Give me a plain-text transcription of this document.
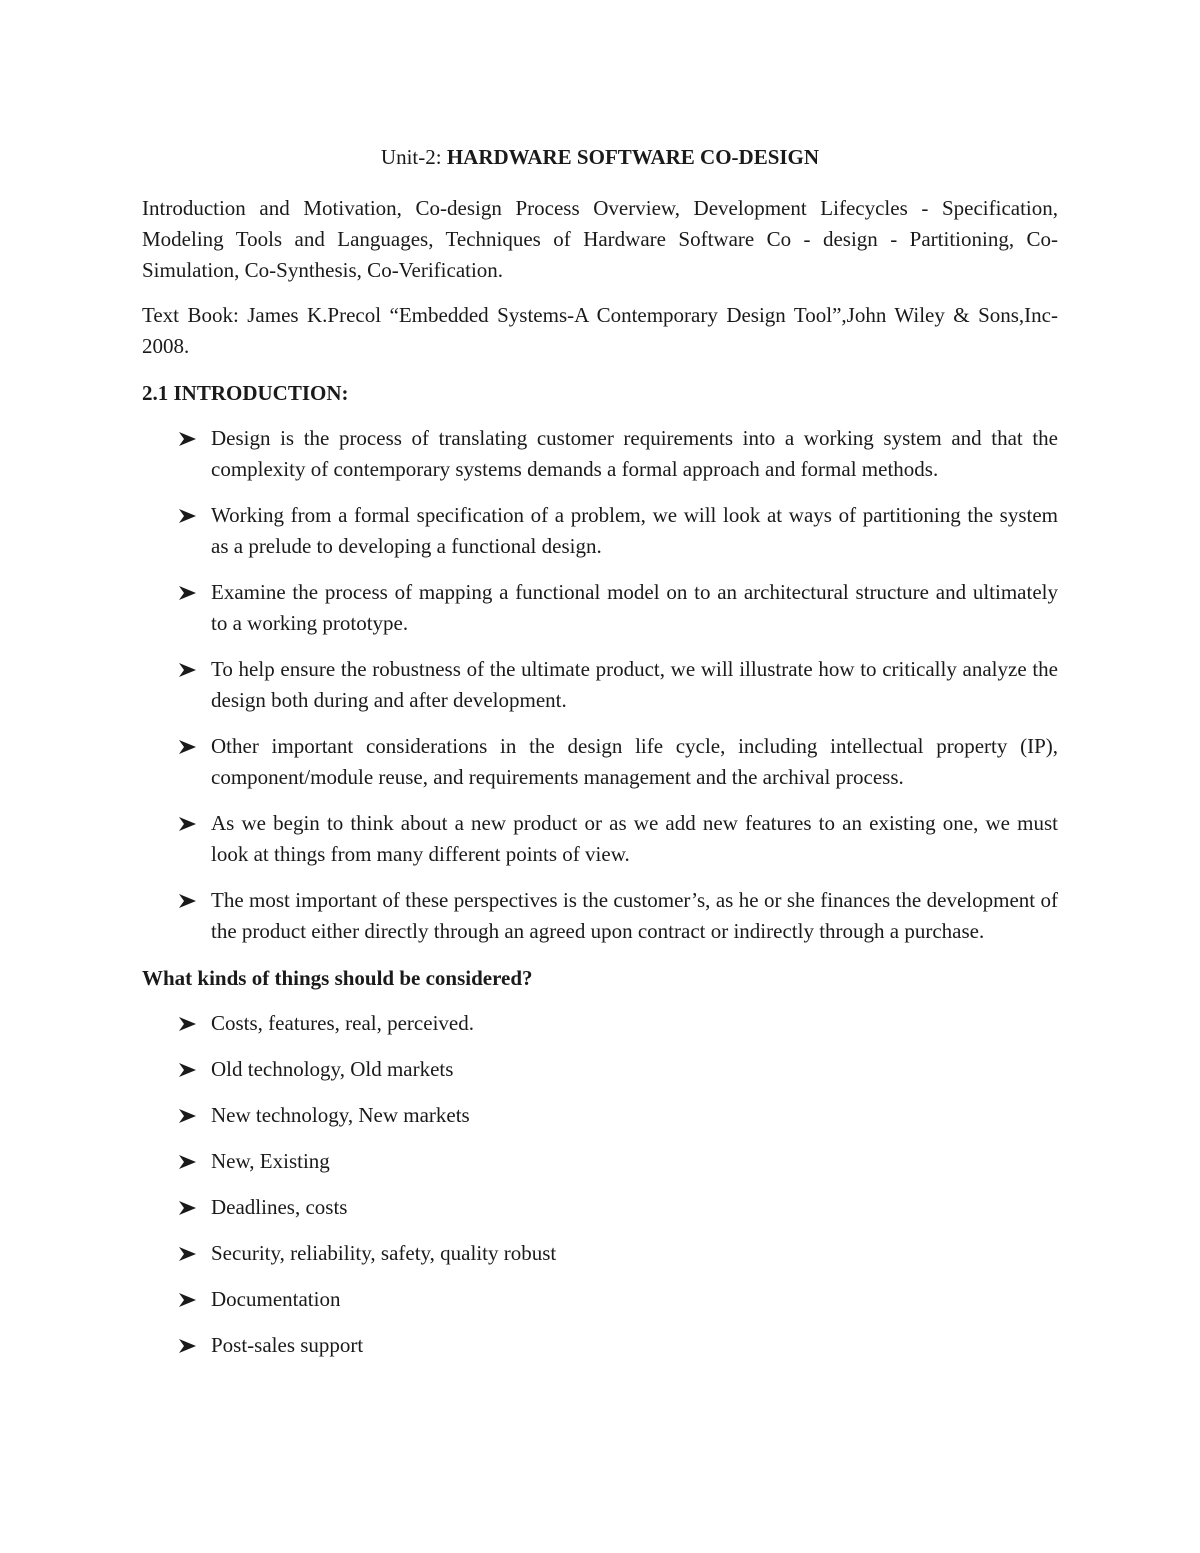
Unit-2: HARDWARE SOFTWARE CO-DESIGN

Introduction and Motivation, Co-design Process Overview, Development Lifecycles - Specification, Modeling Tools and Languages, Techniques of Hardware Software Co - design - Partitioning, Co-Simulation, Co-Synthesis, Co-Verification.

Text Book: James K.Precol “Embedded Systems-A Contemporary Design Tool”,John Wiley & Sons,Inc-2008.

2.1 INTRODUCTION:
Design is the process of translating customer requirements into a working system and that the complexity of contemporary systems demands a formal approach and formal methods.
Working from a formal specification of a problem, we will look at ways of partitioning the system as a prelude to developing a functional design.
Examine the process of mapping a functional model on to an architectural structure and ultimately to a working prototype.
To help ensure the robustness of the ultimate product, we will illustrate how to critically analyze the design both during and after development.
Other important considerations in the design life cycle, including intellectual property (IP), component/module reuse, and requirements management and the archival process.
As we begin to think about a new product or as we add new features to an existing one, we must look at things from many different points of view.
The most important of these perspectives is the customer’s, as he or she finances the development of the product either directly through an agreed upon contract or indirectly through a purchase.
What kinds of things should be considered?
Costs, features, real, perceived.
Old technology, Old markets
New technology, New markets
New, Existing
Deadlines, costs
Security, reliability, safety, quality robust
Documentation
Post-sales support
